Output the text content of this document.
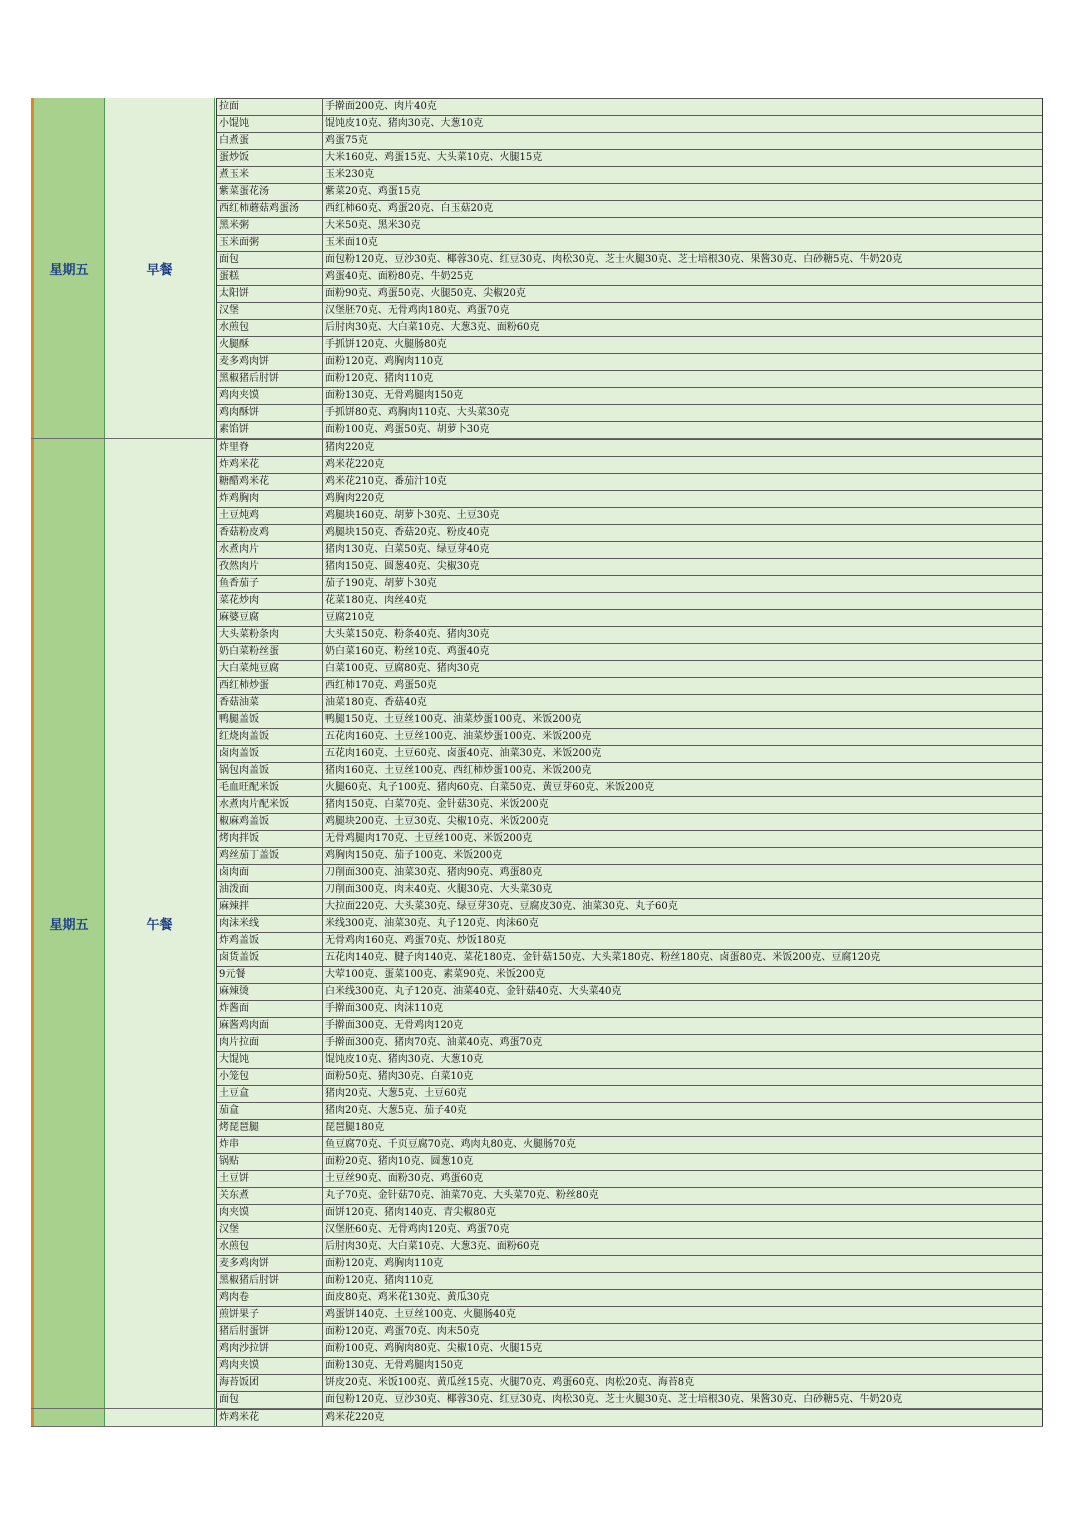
星期五	早餐
拉面	手擀面200克、肉片40克
小馄饨	馄饨皮10克、猪肉30克、大葱10克
白煮蛋	鸡蛋75克
蛋炒饭	大米160克、鸡蛋15克、大头菜10克、火腿15克
煮玉米	玉米230克
紫菜蛋花汤	紫菜20克、鸡蛋15克
西红柿蘑菇鸡蛋汤	西红柿60克、鸡蛋20克、白玉菇20克
黑米粥	大米50克、黑米30克
玉米面粥	玉米面10克
面包	面包粉120克、豆沙30克、椰蓉30克、红豆30克、肉松30克、芝士火腿30克、芝士培根30克、果酱30克、白砂糖5克、牛奶20克
蛋糕	鸡蛋40克、面粉80克、牛奶25克
太阳饼	面粉90克、鸡蛋50克、火腿50克、尖椒20克
汉堡	汉堡胚70克、无骨鸡肉180克、鸡蛋70克
水煎包	后肘肉30克、大白菜10克、大葱3克、面粉60克
火腿酥	手抓饼120克、火腿肠80克
麦多鸡肉饼	面粉120克、鸡胸肉110克
黑椒猪后肘饼	面粉120克、猪肉110克
鸡肉夹馍	面粉130克、无骨鸡腿肉150克
鸡肉酥饼	手抓饼80克、鸡胸肉110克、大头菜30克
素馅饼	面粉100克、鸡蛋50克、胡萝卜30克
星期五	午餐
炸里脊	猪肉220克
炸鸡米花	鸡米花220克
糖醋鸡米花	鸡米花210克、番茄汁10克
炸鸡胸肉	鸡胸肉220克
土豆炖鸡	鸡腿块160克、胡萝卜30克、土豆30克
香菇粉皮鸡	鸡腿块150克、香菇20克、粉皮40克
水煮肉片	猪肉130克、白菜50克、绿豆芽40克
孜然肉片	猪肉150克、圆葱40克、尖椒30克
鱼香茄子	茄子190克、胡萝卜30克
菜花炒肉	花菜180克、肉丝40克
麻婆豆腐	豆腐210克
大头菜粉条肉	大头菜150克、粉条40克、猪肉30克
奶白菜粉丝蛋	奶白菜160克、粉丝10克、鸡蛋40克
大白菜炖豆腐	白菜100克、豆腐80克、猪肉30克
西红柿炒蛋	西红柿170克、鸡蛋50克
香菇油菜	油菜180克、香菇40克
鸭腿盖饭	鸭腿150克、土豆丝100克、油菜炒蛋100克、米饭200克
红烧肉盖饭	五花肉160克、土豆丝100克、油菜炒蛋100克、米饭200克
卤肉盖饭	五花肉160克、土豆60克、卤蛋40克、油菜30克、米饭200克
锅包肉盖饭	猪肉160克、土豆丝100克、西红柿炒蛋100克、米饭200克
毛血旺配米饭	火腿60克、丸子100克、猪肉60克、白菜50克、黄豆芽60克、米饭200克
水煮肉片配米饭	猪肉150克、白菜70克、金针菇30克、米饭200克
椒麻鸡盖饭	鸡腿块200克、土豆30克、尖椒10克、米饭200克
烤肉拌饭	无骨鸡腿肉170克、土豆丝100克、米饭200克
鸡丝茄丁盖饭	鸡胸肉150克、茄子100克、米饭200克
卤肉面	刀削面300克、油菜30克、猪肉90克、鸡蛋80克
油泼面	刀削面300克、肉末40克、火腿30克、大头菜30克
麻辣拌	大拉面220克、大头菜30克、绿豆芽30克、豆腐皮30克、油菜30克、丸子60克
肉沫米线	米线300克、油菜30克、丸子120克、肉沫60克
炸鸡盖饭	无骨鸡肉160克、鸡蛋70克、炒饭180克
卤货盖饭	五花肉140克、腱子肉140克、菜花180克、金针菇150克、大头菜180克、粉丝180克、卤蛋80克、米饭200克、豆腐120克
9元餐	大荤100克、蛋菜100克、素菜90克、米饭200克
麻辣烫	白米线300克、丸子120克、油菜40克、金针菇40克、大头菜40克
炸酱面	手擀面300克、肉沫110克
麻酱鸡肉面	手擀面300克、无骨鸡肉120克
肉片拉面	手擀面300克、猪肉70克、油菜40克、鸡蛋70克
大馄饨	馄饨皮10克、猪肉30克、大葱10克
小笼包	面粉50克、猪肉30克、白菜10克
土豆盒	猪肉20克、大葱5克、土豆60克
茄盒	猪肉20克、大葱5克、茄子40克
烤琵琶腿	琵琶腿180克
炸串	鱼豆腐70克、千页豆腐70克、鸡肉丸80克、火腿肠70克
锅贴	面粉20克、猪肉10克、圆葱10克
土豆饼	土豆丝90克、面粉30克、鸡蛋60克
关东煮	丸子70克、金针菇70克、油菜70克、大头菜70克、粉丝80克
肉夹馍	面饼120克、猪肉140克、青尖椒80克
汉堡	汉堡胚60克、无骨鸡肉120克、鸡蛋70克
水煎包	后肘肉30克、大白菜10克、大葱3克、面粉60克
麦多鸡肉饼	面粉120克、鸡胸肉110克
黑椒猪后肘饼	面粉120克、猪肉110克
鸡肉卷	面皮80克、鸡米花130克、黄瓜30克
煎饼果子	鸡蛋饼140克、土豆丝100克、火腿肠40克
猪后肘蛋饼	面粉120克、鸡蛋70克、肉末50克
鸡肉沙拉饼	面粉100克、鸡胸肉80克、尖椒10克、火腿15克
鸡肉夹馍	面粉130克、无骨鸡腿肉150克
海苔饭团	饼皮20克、米饭100克、黄瓜丝15克、火腿70克、鸡蛋60克、肉松20克、海苔8克
面包	面包粉120克、豆沙30克、椰蓉30克、红豆30克、肉松30克、芝士火腿30克、芝士培根30克、果酱30克、白砂糖5克、牛奶20克
炸鸡米花	鸡米花220克
